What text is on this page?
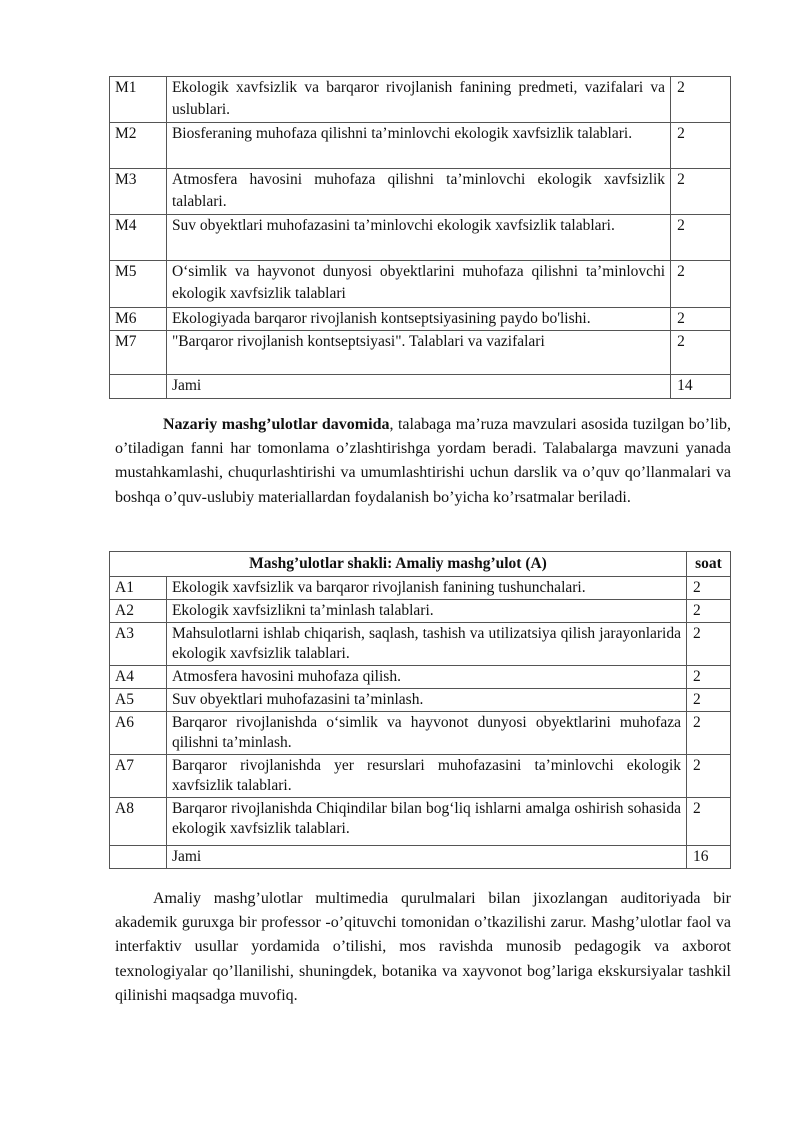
M1	Ekologik xavfsizlik va barqaror rivojlanish fanining predmeti, vazifalari va uslublari.	2
M2	Biosferaning muhofaza qilishni ta’minlovchi ekologik xavfsizlik talablari.	2
M3	Atmosfera havosini muhofaza qilishni ta’minlovchi ekologik xavfsizlik talablari.	2
M4	Suv obyektlari muhofazasini ta’minlovchi ekologik xavfsizlik talablari.	2
M5	O‘simlik va hayvonot dunyosi obyektlarini muhofaza qilishni ta’minlovchi ekologik xavfsizlik talablari	2
M6	Ekologiyada barqaror rivojlanish kontseptsiyasining paydo bo'lishi.	2
M7	"Barqaror rivojlanish kontseptsiyasi". Talablari va vazifalari	2
	Jami	14

Nazariy mashg’ulotlar davomida, talabaga ma’ruza mavzulari asosida tuzilgan bo’lib, o’tiladigan fanni har tomonlama o’zlashtirishga yordam beradi. Talabalarga mavzuni yanada mustahkamlashi, chuqurlashtirishi va umumlashtirishi uchun darslik va o’quv qo’llanmalari va boshqa o’quv-uslubiy materiallardan foydalanish bo’yicha ko’rsatmalar beriladi.

Mashg’ulotlar shakli: Amaliy mashg’ulot (A)		soat
A1	Ekologik xavfsizlik va barqaror rivojlanish fanining tushunchalari.	2
A2	Ekologik xavfsizlikni ta’minlash talablari.	2
A3	Mahsulotlarni ishlab chiqarish, saqlash, tashish va utilizatsiya qilish jarayonlarida ekologik xavfsizlik talablari.	2
A4	Atmosfera havosini muhofaza qilish.	2
A5	Suv obyektlari muhofazasini ta’minlash.	2
A6	Barqaror rivojlanishda o‘simlik va hayvonot dunyosi obyektlarini muhofaza qilishni ta’minlash.	2
A7	Barqaror rivojlanishda yer resurslari muhofazasini ta’minlovchi ekologik xavfsizlik talablari.	2
A8	Barqaror rivojlanishda Chiqindilar bilan bog‘liq ishlarni amalga oshirish sohasida ekologik xavfsizlik talablari.	2
	Jami	16

Amaliy mashg’ulotlar multimedia qurulmalari bilan jixozlangan auditoriyada bir akademik guruxga bir professor -o’qituvchi tomonidan o’tkazilishi zarur. Mashg’ulotlar faol va interfaktiv usullar yordamida o’tilishi, mos ravishda munosib pedagogik va axborot texnologiyalar qo’llanilishi, shuningdek, botanika va xayvonot bog’lariga ekskursiyalar tashkil qilinishi maqsadga muvofiq.
